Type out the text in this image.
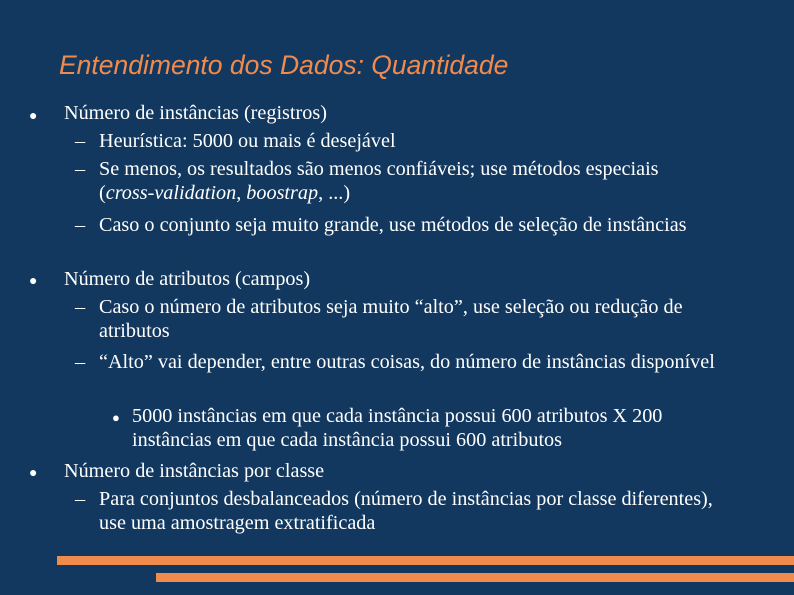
Entendimento dos Dados: Quantidade
● Número de instâncias (registros)
– Heurística: 5000 ou mais é desejável
– Se menos, os resultados são menos confiáveis; use métodos especiais (cross-validation, boostrap, ...)
– Caso o conjunto seja muito grande, use métodos de seleção de instâncias
● Número de atributos (campos)
– Caso o número de atributos seja muito “alto”, use seleção ou redução de atributos
– “Alto” vai depender, entre outras coisas, do número de instâncias disponível
● 5000 instâncias em que cada instância possui 600 atributos X 200 instâncias em que cada instância possui 600 atributos
● Número de instâncias por classe
– Para conjuntos desbalanceados (número de instâncias por classe diferentes), use uma amostragem extratificada
